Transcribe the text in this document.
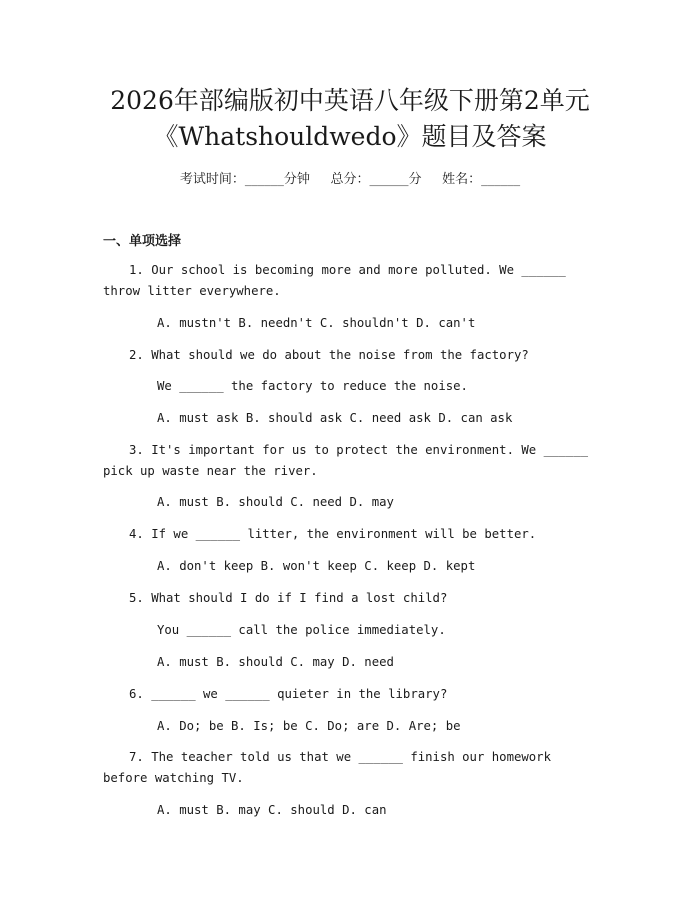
2026年部编版初中英语八年级下册第2单元
《Whatshouldwedo》题目及答案
考试时间：______分钟     总分：______分     姓名：______
一、单项选择

1. Our school is becoming more and more polluted. We ______ throw litter everywhere.

A. mustn't B. needn't C. shouldn't D. can't

2. What should we do about the noise from the factory?

We ______ the factory to reduce the noise.

A. must ask B. should ask C. need ask D. can ask

3. It's important for us to protect the environment. We ______ pick up waste near the river.

A. must B. should C. need D. may

4. If we ______ litter, the environment will be better.

A. don't keep B. won't keep C. keep D. kept

5. What should I do if I find a lost child?

You ______ call the police immediately.

A. must B. should C. may D. need

6. ______ we ______ quieter in the library?

A. Do; be B. Is; be C. Do; are D. Are; be

7. The teacher told us that we ______ finish our homework before watching TV.

A. must B. may C. should D. can
